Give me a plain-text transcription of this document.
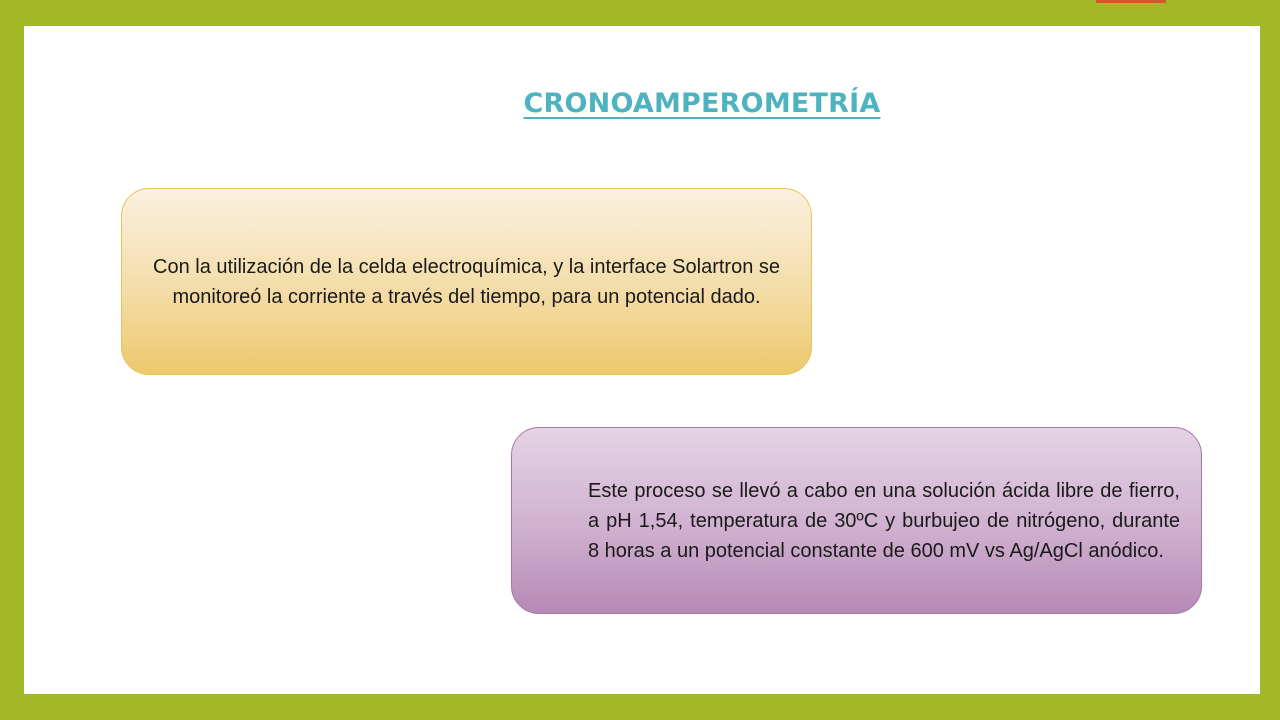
CRONOAMPEROMETRÍA

Con la utilización de la celda electroquímica, y la interface Solartron se monitoreó la corriente a través del tiempo, para un potencial dado.

Este proceso se llevó a cabo en una solución ácida libre de fierro, a pH 1,54, temperatura de 30ºC y burbujeo de nitrógeno, durante 8 horas a un potencial constante de 600 mV vs Ag/AgCl anódico.
